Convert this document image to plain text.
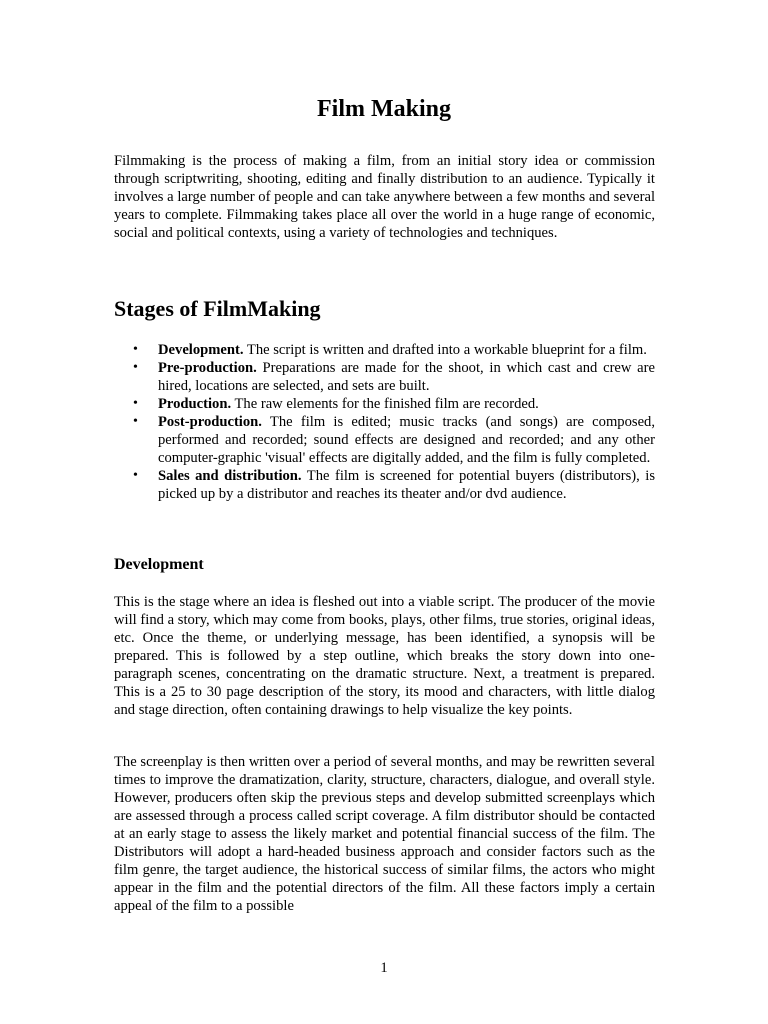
Film Making

Filmmaking is the process of making a film, from an initial story idea or commission through scriptwriting, shooting, editing and finally distribution to an audience. Typically it involves a large number of people and can take anywhere between a few months and several years to complete. Filmmaking takes place all over the world in a huge range of economic, social and political contexts, using a variety of technologies and techniques.

Stages of FilmMaking
• Development. The script is written and drafted into a workable blueprint for a film.
• Pre-production. Preparations are made for the shoot, in which cast and crew are hired, locations are selected, and sets are built.
• Production. The raw elements for the finished film are recorded.
• Post-production. The film is edited; music tracks (and songs) are composed, performed and recorded; sound effects are designed and recorded; and any other computer-graphic 'visual' effects are digitally added, and the film is fully completed.
• Sales and distribution. The film is screened for potential buyers (distributors), is picked up by a distributor and reaches its theater and/or dvd audience.
Development

This is the stage where an idea is fleshed out into a viable script. The producer of the movie will find a story, which may come from books, plays, other films, true stories, original ideas, etc. Once the theme, or underlying message, has been identified, a synopsis will be prepared. This is followed by a step outline, which breaks the story down into one-paragraph scenes, concentrating on the dramatic structure. Next, a treatment is prepared. This is a 25 to 30 page description of the story, its mood and characters, with little dialog and stage direction, often containing drawings to help visualize the key points.

The screenplay is then written over a period of several months, and may be rewritten several times to improve the dramatization, clarity, structure, characters, dialogue, and overall style. However, producers often skip the previous steps and develop submitted screenplays which are assessed through a process called script coverage. A film distributor should be contacted at an early stage to assess the likely market and potential financial success of the film. The Distributors will adopt a hard-headed business approach and consider factors such as the film genre, the target audience, the historical success of similar films, the actors who might appear in the film and the potential directors of the film. All these factors imply a certain appeal of the film to a possible

1
